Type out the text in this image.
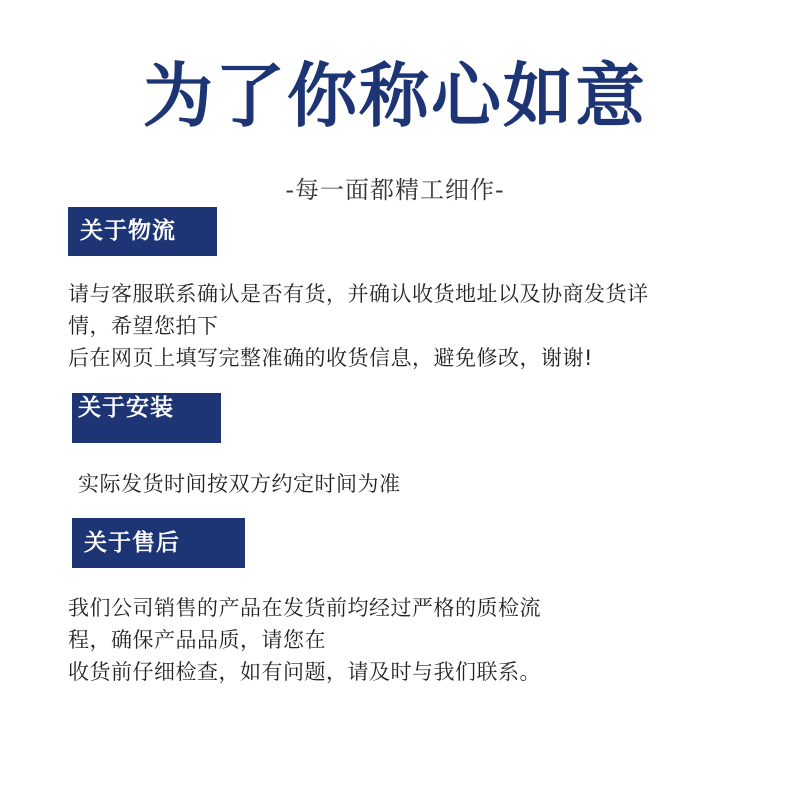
为了你称心如意
-每一面都精工细作-
关于物流

请与客服联系确认是否有货，并确认收货地址以及协商发货详
情，希望您拍下
后在网页上填写完整准确的收货信息，避免修改，谢谢!

关于安装

实际发货时间按双方约定时间为准

关于售后

我们公司销售的产品在发货前均经过严格的质检流
程，确保产品品质，请您在
收货前仔细检查，如有问题，请及时与我们联系。
